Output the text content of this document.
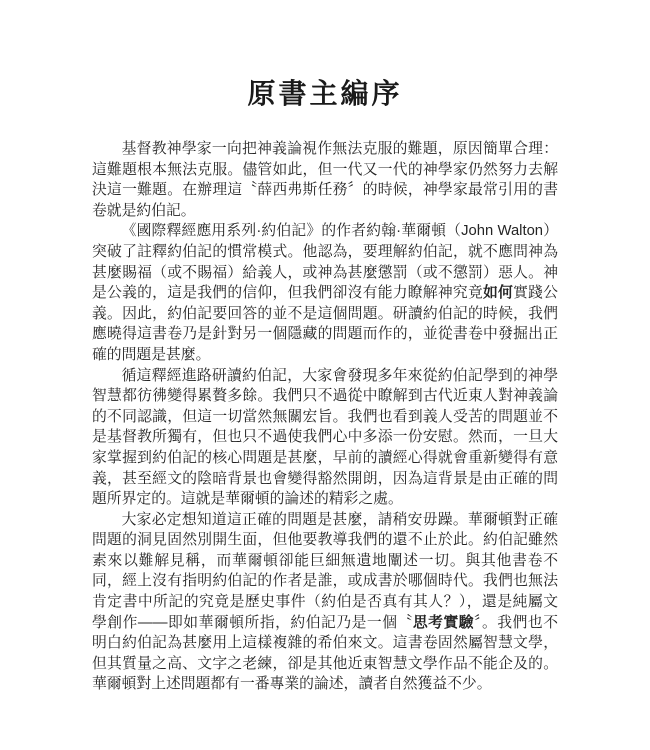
原書主編序

基督教神學家一向把神義論視作無法克服的難題，原因簡單合理：這難題根本無法克服。儘管如此，但一代又一代的神學家仍然努力去解決這一難題。在辦理這〝薛西弗斯任務〞的時候，神學家最常引用的書卷就是約伯記。

《國際釋經應用系列·約伯記》的作者約翰·華爾頓（John Walton）突破了註釋約伯記的慣常模式。他認為，要理解約伯記，就不應問神為甚麼賜福（或不賜福）給義人，或神為甚麼懲罰（或不懲罰）惡人。神是公義的，這是我們的信仰，但我們卻沒有能力瞭解神究竟如何實踐公義。因此，約伯記要回答的並不是這個問題。研讀約伯記的時候，我們應曉得這書卷乃是針對另一個隱藏的問題而作的，並從書卷中發掘出正確的問題是甚麼。

循這釋經進路研讀約伯記，大家會發現多年來從約伯記學到的神學智慧都彷彿變得累贅多餘。我們只不過從中瞭解到古代近東人對神義論的不同認識，但這一切當然無關宏旨。我們也看到義人受苦的問題並不是基督教所獨有，但也只不過使我們心中多添一份安慰。然而，一旦大家掌握到約伯記的核心問題是甚麼，早前的讀經心得就會重新變得有意義，甚至經文的陰暗背景也會變得豁然開朗，因為這背景是由正確的問題所界定的。這就是華爾頓的論述的精彩之處。

大家必定想知道這正確的問題是甚麼，請稍安毋躁。華爾頓對正確問題的洞見固然別開生面，但他要教導我們的還不止於此。約伯記雖然素來以難解見稱，而華爾頓卻能巨細無遺地闡述一切。與其他書卷不同，經上沒有指明約伯記的作者是誰，或成書於哪個時代。我們也無法肯定書中所記的究竟是歷史事件（約伯是否真有其人？），還是純屬文學創作——即如華爾頓所指，約伯記乃是一個〝思考實驗〞。我們也不明白約伯記為甚麼用上這樣複雜的希伯來文。這書卷固然屬智慧文學，但其質量之高、文字之老練，卻是其他近東智慧文學作品不能企及的。華爾頓對上述問題都有一番專業的論述，讀者自然獲益不少。
